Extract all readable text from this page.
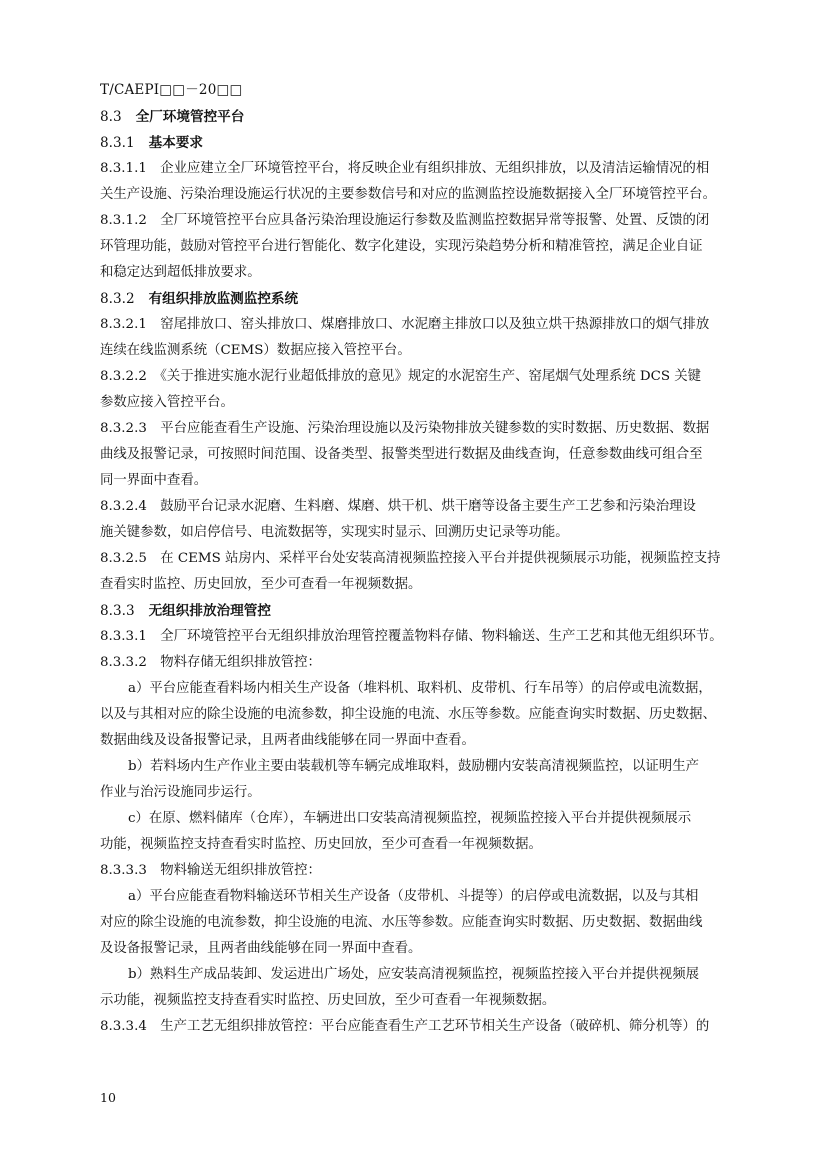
T/CAEPI□□－20□□
8.3 全厂环境管控平台
8.3.1 基本要求
8.3.1.1　企业应建立全厂环境管控平台，将反映企业有组织排放、无组织排放，以及清洁运输情况的相
关生产设施、污染治理设施运行状况的主要参数信号和对应的监测监控设施数据接入全厂环境管控平台。
8.3.1.2　全厂环境管控平台应具备污染治理设施运行参数及监测监控数据异常等报警、处置、反馈的闭
环管理功能，鼓励对管控平台进行智能化、数字化建设，实现污染趋势分析和精准管控，满足企业自证
和稳定达到超低排放要求。
8.3.2 有组织排放监测监控系统
8.3.2.1　窑尾排放口、窑头排放口、煤磨排放口、水泥磨主排放口以及独立烘干热源排放口的烟气排放
连续在线监测系统（CEMS）数据应接入管控平台。
8.3.2.2　《关于推进实施水泥行业超低排放的意见》规定的水泥窑生产、窑尾烟气处理系统 DCS 关键
参数应接入管控平台。
8.3.2.3　平台应能查看生产设施、污染治理设施以及污染物排放关键参数的实时数据、历史数据、数据
曲线及报警记录，可按照时间范围、设备类型、报警类型进行数据及曲线查询，任意参数曲线可组合至
同一界面中查看。
8.3.2.4　鼓励平台记录水泥磨、生料磨、煤磨、烘干机、烘干磨等设备主要生产工艺参和污染治理设
施关键参数，如启停信号、电流数据等，实现实时显示、回溯历史记录等功能。
8.3.2.5　在 CEMS 站房内、采样平台处安装高清视频监控接入平台并提供视频展示功能，视频监控支持
查看实时监控、历史回放，至少可查看一年视频数据。
8.3.3 无组织排放治理管控
8.3.3.1　全厂环境管控平台无组织排放治理管控覆盖物料存储、物料输送、生产工艺和其他无组织环节。
8.3.3.2　物料存储无组织排放管控：
a）平台应能查看料场内相关生产设备（堆料机、取料机、皮带机、行车吊等）的启停或电流数据，
以及与其相对应的除尘设施的电流参数，抑尘设施的电流、水压等参数。应能查询实时数据、历史数据、
数据曲线及设备报警记录，且两者曲线能够在同一界面中查看。
b）若料场内生产作业主要由装载机等车辆完成堆取料，鼓励棚内安装高清视频监控，以证明生产
作业与治污设施同步运行。
c）在原、燃料储库（仓库），车辆进出口安装高清视频监控，视频监控接入平台并提供视频展示
功能，视频监控支持查看实时监控、历史回放，至少可查看一年视频数据。
8.3.3.3　物料输送无组织排放管控：
a）平台应能查看物料输送环节相关生产设备（皮带机、斗提等）的启停或电流数据，以及与其相
对应的除尘设施的电流参数，抑尘设施的电流、水压等参数。应能查询实时数据、历史数据、数据曲线
及设备报警记录，且两者曲线能够在同一界面中查看。
b）熟料生产成品装卸、发运进出广场处，应安装高清视频监控，视频监控接入平台并提供视频展
示功能，视频监控支持查看实时监控、历史回放，至少可查看一年视频数据。
8.3.3.4　生产工艺无组织排放管控：平台应能查看生产工艺环节相关生产设备（破碎机、筛分机等）的
10
